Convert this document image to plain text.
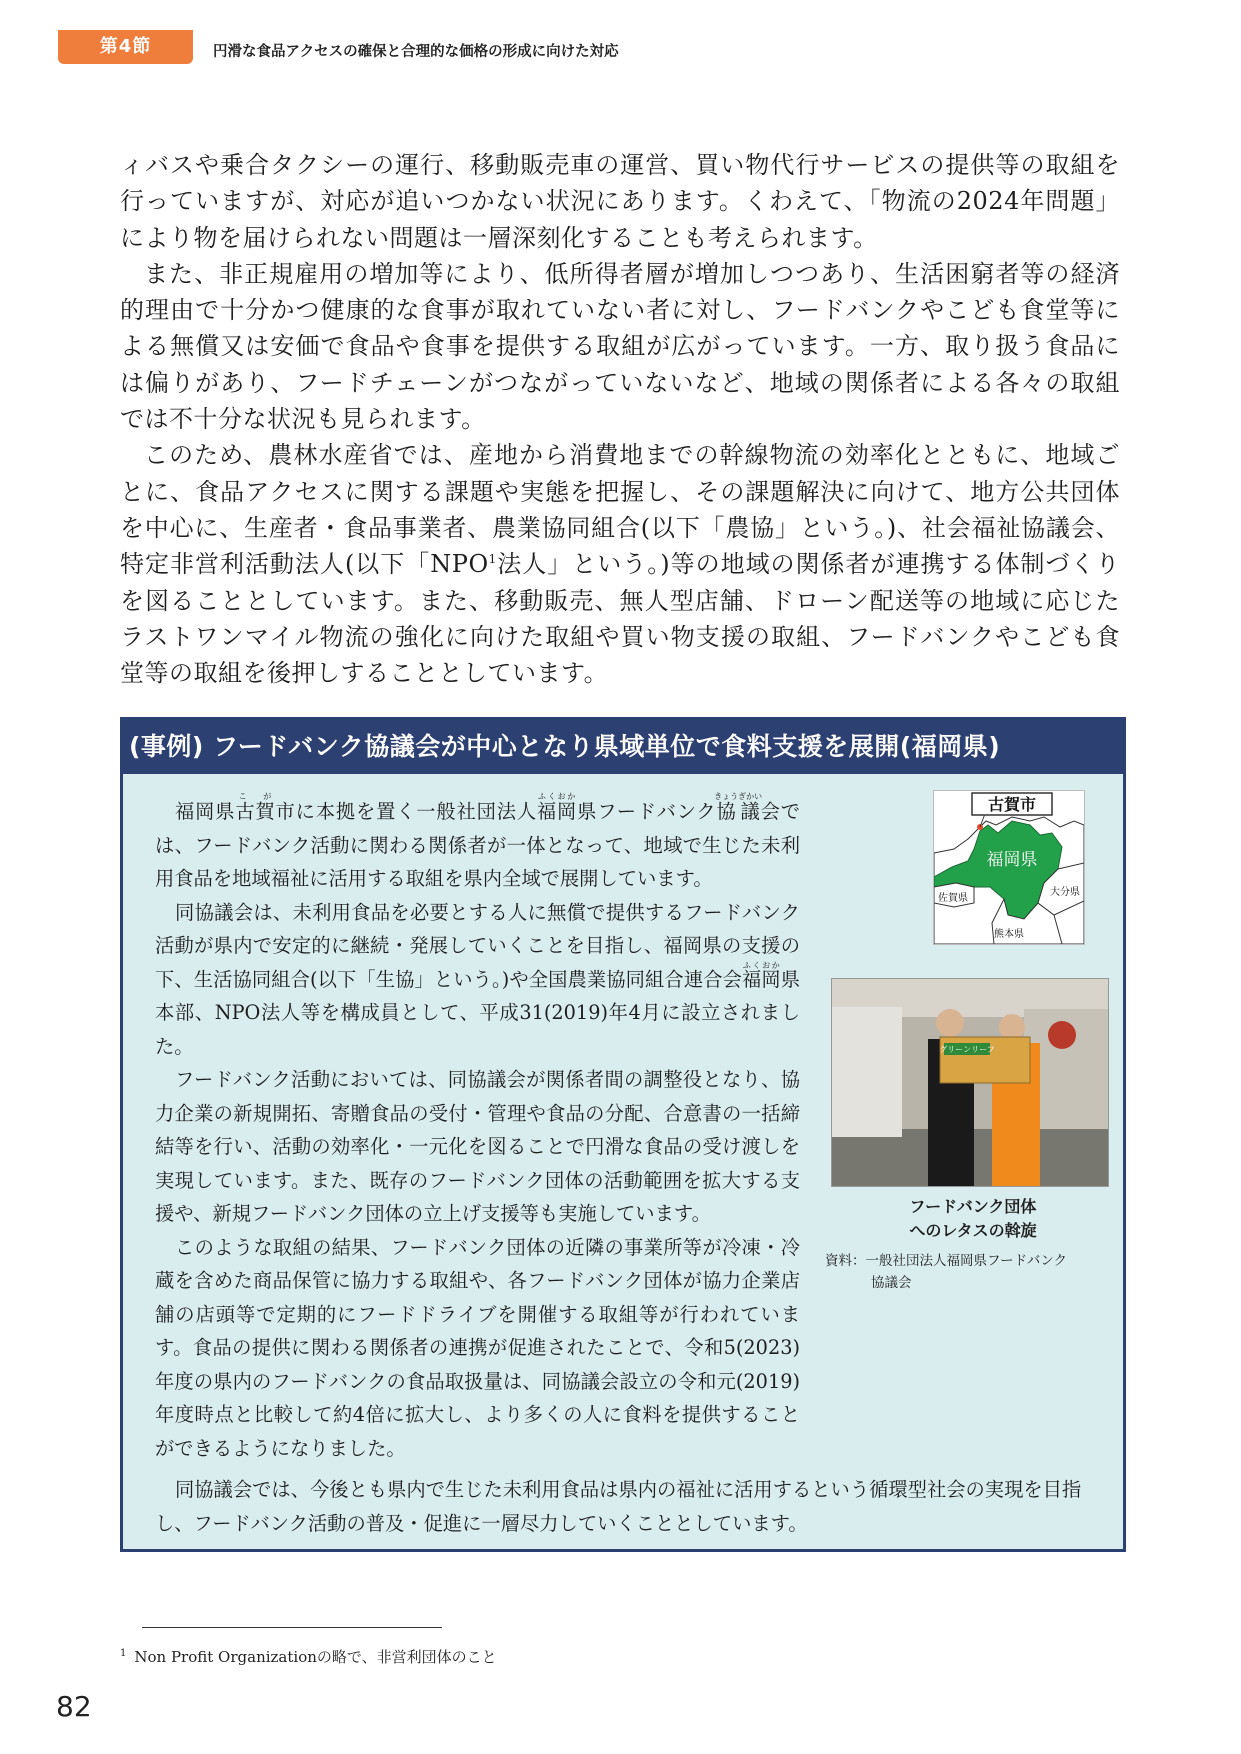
第4節	円滑な食品アクセスの確保と合理的な価格の形成に向けた対応

ィバスや乗合タクシーの運行、移動販売車の運営、買い物代行サービスの提供等の取組を行っていますが、対応が追いつかない状況にあります。くわえて、「物流の2024年問題」により物を届けられない問題は一層深刻化することも考えられます。

また、非正規雇用の増加等により、低所得者層が増加しつつあり、生活困窮者等の経済的理由で十分かつ健康的な食事が取れていない者に対し、フードバンクやこども食堂等による無償又は安価で食品や食事を提供する取組が広がっています。一方、取り扱う食品には偏りがあり、フードチェーンがつながっていないなど、地域の関係者による各々の取組では不十分な状況も見られます。

このため、農林水産省では、産地から消費地までの幹線物流の効率化とともに、地域ごとに、食品アクセスに関する課題や実態を把握し、その課題解決に向けて、地方公共団体を中心に、生産者・食品事業者、農業協同組合(以下「農協」という。)、社会福祉協議会、特定非営利活動法人(以下「NPO$^1$法人」という。)等の地域の関係者が連携する体制づくりを図ることとしています。また、移動販売、無人型店舗、ドローン配送等の地域に応じたラストワンマイル物流の強化に向けた取組や買い物支援の取組、フードバンクやこども食堂等の取組を後押しすることとしています。

(事例) フードバンク協議会が中心となり県域単位で食料支援を展開(福岡県)

福岡県古賀こ が市に本拠を置く一般社団法人福岡ふくおか県フードバンク協議きょうぎかい会では、フードバンク活動に関わる関係者が一体となって、地域で生じた未利用食品を地域福祉に活用する取組を県内全域で展開しています。

同協議会は、未利用食品を必要とする人に無償で提供するフードバンク活動が県内で安定的に継続・発展していくことを目指し、福岡県の支援の下、生活協同組合(以下「生協」という。)や全国農業協同組合連合会福岡ふくおか県本部、NPO法人等を構成員として、平成31(2019)年4月に設立されました。

フードバンク活動においては、同協議会が関係者間の調整役となり、協力企業の新規開拓、寄贈食品の受付・管理や食品の分配、合意書の一括締結等を行い、活動の効率化・一元化を図ることで円滑な食品の受け渡しを実現しています。また、既存のフードバンク団体の活動範囲を拡大する支援や、新規フードバンク団体の立上げ支援等も実施しています。

このような取組の結果、フードバンク団体の近隣の事業所等が冷凍・冷蔵を含めた商品保管に協力する取組や、各フードバンク団体が協力企業店舗の店頭等で定期的にフードドライブを開催する取組等が行われています。食品の提供に関わる関係者の連携が促進されたことで、令和5(2023)年度の県内のフードバンクの食品取扱量は、同協議会設立の令和元(2019)年度時点と比較して約4倍に拡大し、より多くの人に食料を提供することができるようになりました。

同協議会では、今後とも県内で生じた未利用食品は県内の福祉に活用するという循環型社会の実現を目指し、フードバンク活動の普及・促進に一層尽力していくこととしています。

古賀市
福岡県
佐賀県
大分県
熊本県
グリーンリーフ
フードバンク団体
へのレタスの斡旋
資料：一般社団法人福岡県フードバンク
協議会
$^1$ Non Profit Organizationの略で、非営利団体のこと
82
